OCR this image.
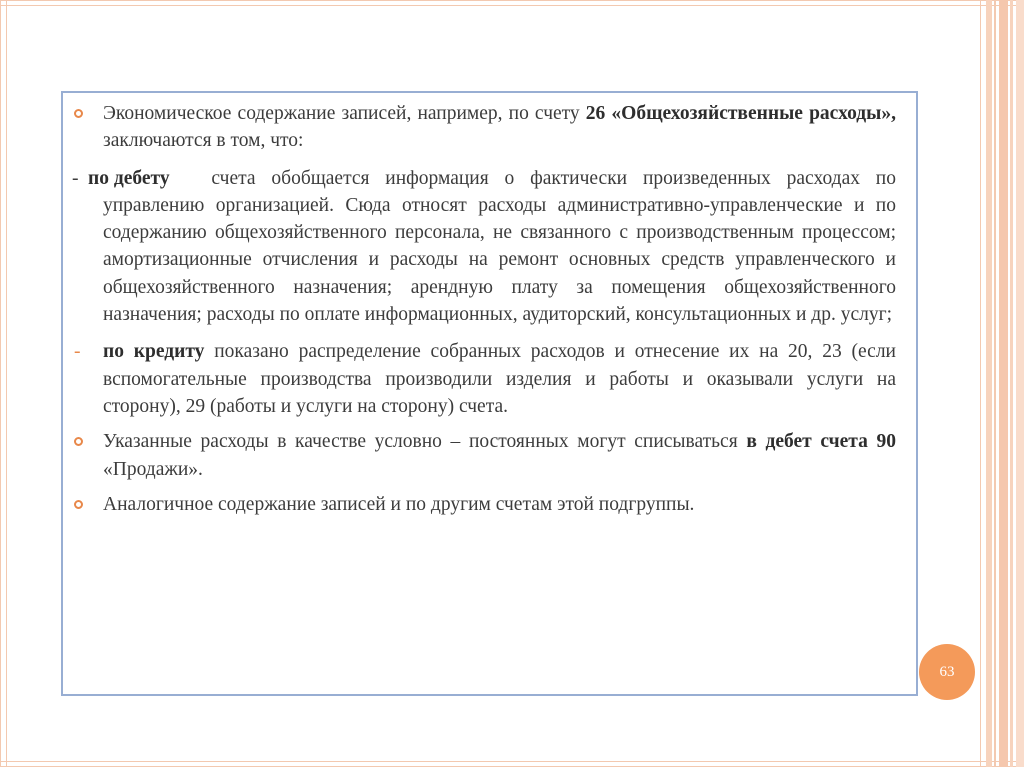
Экономическое содержание записей, например, по счету 26 «Общехозяйственные расходы», заключаются в том, что:
- по дебету счета обобщается информация о фактически произведенных расходах по управлению организацией. Сюда относят расходы административно-управленческие и по содержанию общехозяйственного персонала, не связанного с производственным процессом; амортизационные отчисления и расходы на ремонт основных средств управленческого и общехозяйственного назначения; арендную плату за помещения общехозяйственного назначения; расходы по оплате информационных, аудиторский, консультационных и др. услуг;
- по кредиту показано распределение собранных расходов и отнесение их на 20, 23 (если вспомогательные производства производили изделия и работы и оказывали услуги на сторону), 29 (работы и услуги на сторону) счета.
Указанные расходы в качестве условно – постоянных могут списываться в дебет счета 90 «Продажи».
Аналогичное содержание записей и по другим счетам этой подгруппы.
63
